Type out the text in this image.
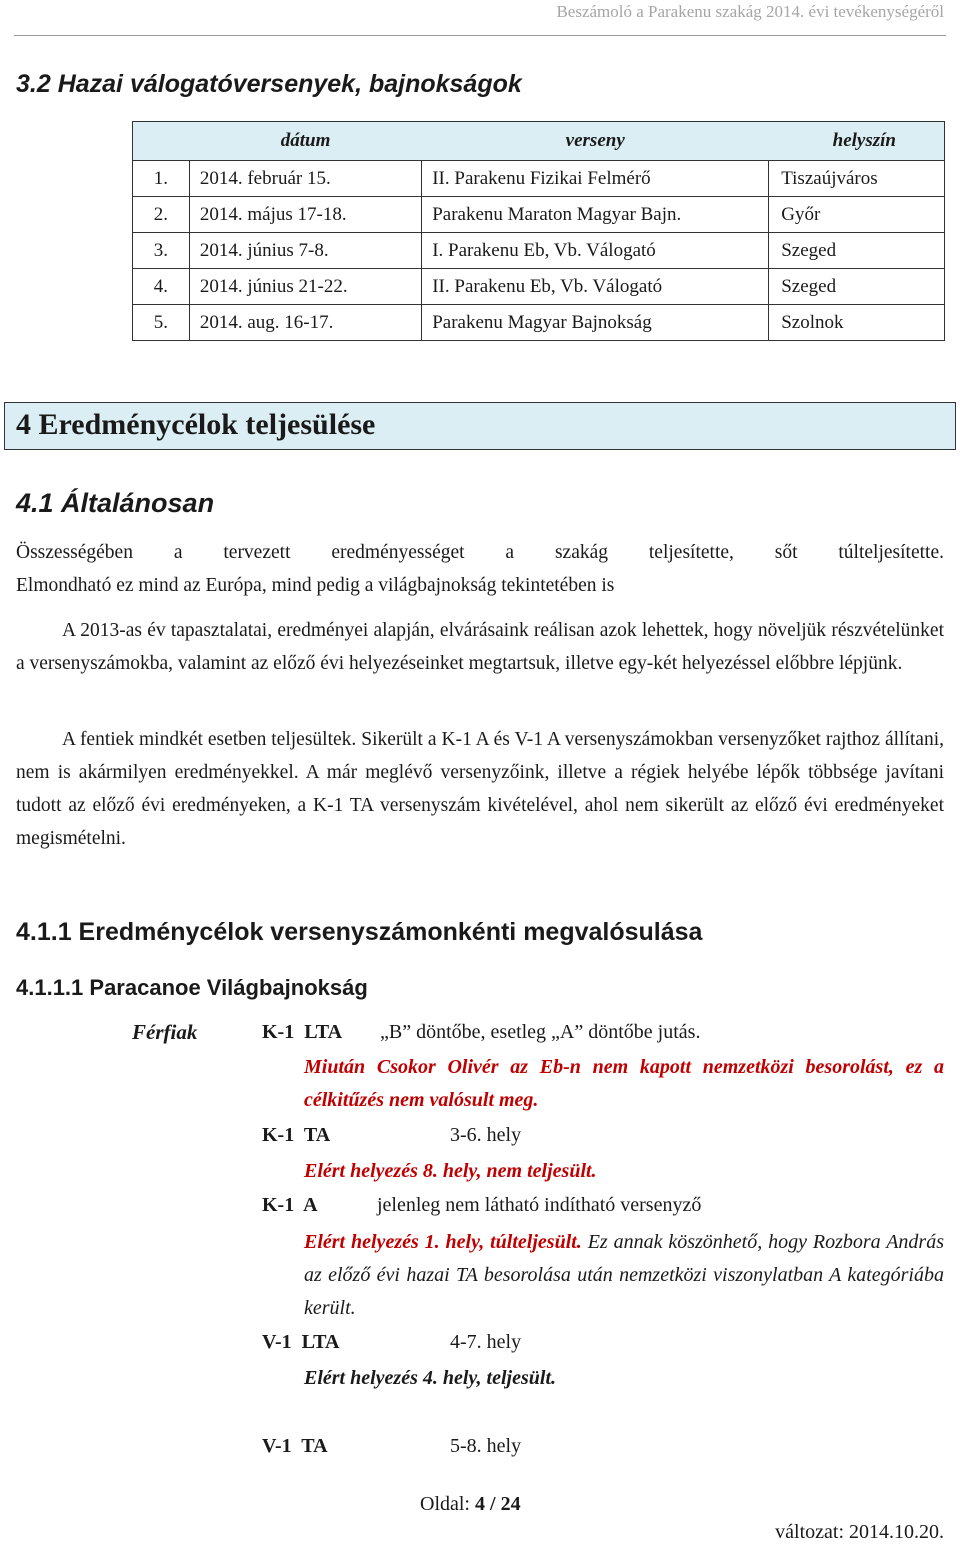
Beszámoló a Parakenu szakág 2014. évi tevékenységéről
3.2 Hazai válogatóversenyek, bajnokságok
	dátum	verseny	helyszín
1.	2014. február 15.	II. Parakenu Fizikai Felmérő	Tiszaújváros
2.	2014. május 17-18.	Parakenu Maraton Magyar Bajn.	Győr
3.	2014. június 7-8.	I. Parakenu Eb, Vb. Válogató	Szeged
4.	2014. június 21-22.	II. Parakenu Eb, Vb. Válogató	Szeged
5.	2014. aug. 16-17.	Parakenu Magyar Bajnokság	Szolnok
4 Eredménycélok teljesülése
4.1 Általánosan
Összességében a tervezett eredményességet a szakág teljesítette, sőt túlteljesítette.
Elmondható ez mind az Európa, mind pedig a világbajnokság tekintetében is
A 2013-as év tapasztalatai, eredményei alapján, elvárásaink reálisan azok lehettek, hogy növeljük részvételünket a versenyszámokba, valamint az előző évi helyezéseinket megtartsuk, illetve egy-két helyezéssel előbbre lépjünk.
A fentiek mindkét esetben teljesültek. Sikerült a K-1 A és V-1 A versenyszámokban versenyzőket rajthoz állítani, nem is akármilyen eredményekkel. A már meglévő versenyzőink, illetve a régiek helyébe lépők többsége javítani tudott az előző évi eredményeken, a K-1 TA versenyszám kivételével, ahol nem sikerült az előző évi eredményeket megismételni.
4.1.1 Eredménycélok versenyszámonkénti megvalósulása
4.1.1.1 Paracanoe Világbajnokság
Férfiak	K-1  LTA „B” döntőbe, esetleg „A” döntőbe jutás.
Miután Csokor Olivér az Eb-n nem kapott nemzetközi besorolást, ez a célkitűzés nem valósult meg.
K-1  TA	3-6. hely
Elért helyezés 8. hely, nem teljesült.
K-1  A	jelenleg nem látható indítható versenyző
Elért helyezés 1. hely, túlteljesült. Ez annak köszönhető, hogy Rozbora András az előző évi hazai TA besorolása után nemzetközi viszonylatban A kategóriába került.
V-1  LTA	4-7. hely
Elért helyezés 4. hely, teljesült.
V-1  TA	5-8. hely
Oldal: 4 / 24
változat: 2014.10.20.
